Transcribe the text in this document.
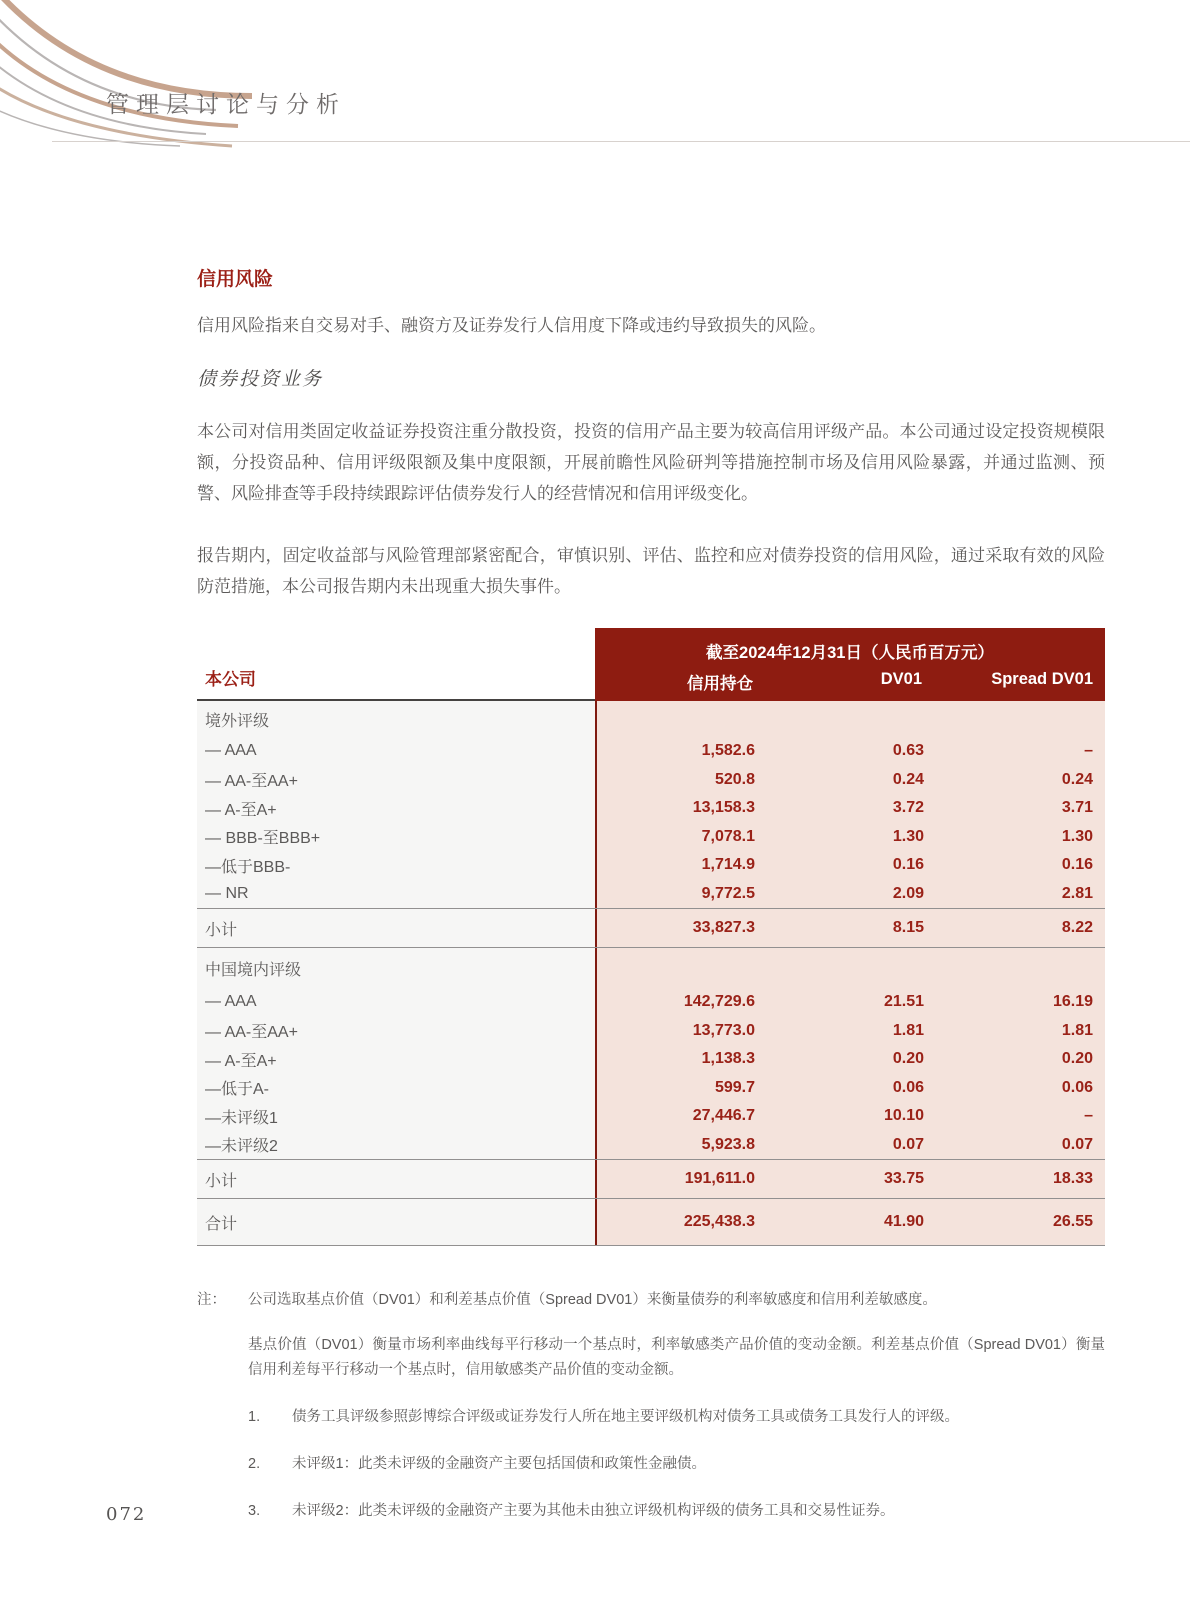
管理层讨论与分析
信用风险

信用风险指来自交易对手、融资方及证券发行人信用度下降或违约导致损失的风险。

债券投资业务

本公司对信用类固定收益证券投资注重分散投资，投资的信用产品主要为较高信用评级产品。本公司通过设定投资规模限额，分投资品种、信用评级限额及集中度限额，开展前瞻性风险研判等措施控制市场及信用风险暴露，并通过监测、预警、风险排查等手段持续跟踪评估债券发行人的经营情况和信用评级变化。

报告期内，固定收益部与风险管理部紧密配合，审慎识别、评估、监控和应对债券投资的信用风险，通过采取有效的风险防范措施，本公司报告期内未出现重大损失事件。

本公司
截至2024年12月31日（人民币百万元）
信用持仓	DV01	Spread DV01
境外评级
— AAA	1,582.6	0.63	–
— AA-至AA+	520.8	0.24	0.24
— A-至A+	13,158.3	3.72	3.71
— BBB-至BBB+	7,078.1	1.30	1.30
—低于BBB-	1,714.9	0.16	0.16
— NR	9,772.5	2.09	2.81
小计	33,827.3	8.15	8.22
中国境内评级
— AAA	142,729.6	21.51	16.19
— AA-至AA+	13,773.0	1.81	1.81
— A-至A+	1,138.3	0.20	0.20
—低于A-	599.7	0.06	0.06
—未评级1	27,446.7	10.10	–
—未评级2	5,923.8	0.07	0.07
小计	191,611.0	33.75	18.33
合计	225,438.3	41.90	26.55
注：	公司选取基点价值（DV01）和利差基点价值（Spread DV01）来衡量债券的利率敏感度和信用利差敏感度。

基点价值（DV01）衡量市场利率曲线每平行移动一个基点时，利率敏感类产品价值的变动金额。利差基点价值（Spread DV01）衡量信用利差每平行移动一个基点时，信用敏感类产品价值的变动金额。

1.	债务工具评级参照彭博综合评级或证券发行人所在地主要评级机构对债务工具或债务工具发行人的评级。

2.	未评级1：此类未评级的金融资产主要包括国债和政策性金融债。

3.	未评级2：此类未评级的金融资产主要为其他未由独立评级机构评级的债务工具和交易性证券。

072
